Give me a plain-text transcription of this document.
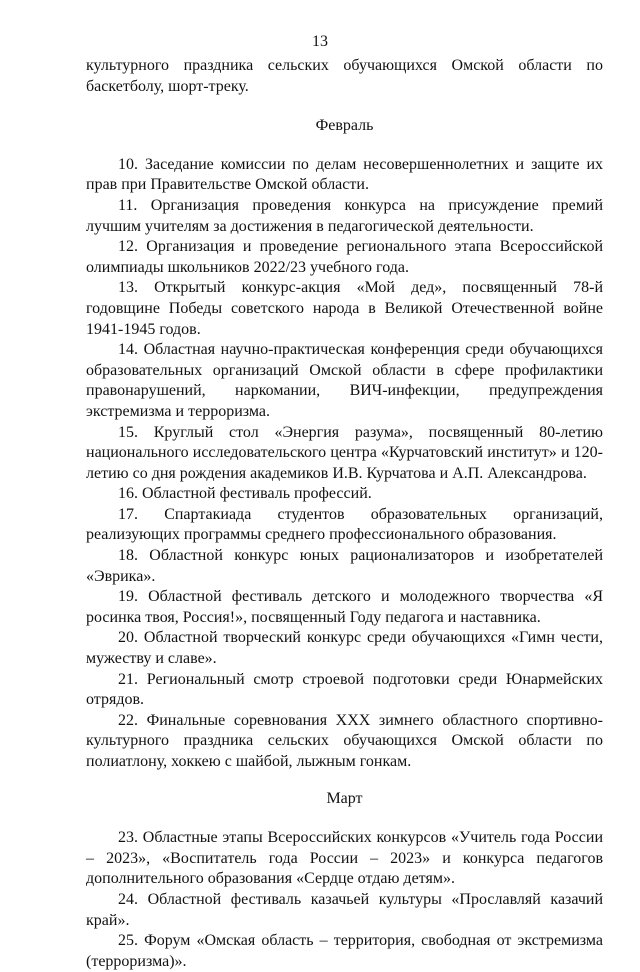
13

культурного праздника сельских обучающихся Омской области по баскетболу, шорт-треку.

Февраль

10. Заседание комиссии по делам несовершеннолетних и защите их прав при Правительстве Омской области.

11. Организация проведения конкурса на присуждение премий лучшим учителям за достижения в педагогической деятельности.

12. Организация и проведение регионального этапа Всероссийской олимпиады школьников 2022/23 учебного года.

13. Открытый конкурс-акция «Мой дед», посвященный 78-й годовщине Победы советского народа в Великой Отечественной войне 1941-1945 годов.

14. Областная научно-практическая конференция среди обучающихся образовательных организаций Омской области в сфере профилактики правонарушений, наркомании, ВИЧ-инфекции, предупреждения экстремизма и терроризма.

15. Круглый стол «Энергия разума», посвященный 80-летию национального исследовательского центра «Курчатовский институт» и 120-летию со дня рождения академиков И.В. Курчатова и А.П. Александрова.

16. Областной фестиваль профессий.

17. Спартакиада студентов образовательных организаций, реализующих программы среднего профессионального образования.

18. Областной конкурс юных рационализаторов и изобретателей «Эврика».

19. Областной фестиваль детского и молодежного творчества «Я росинка твоя, Россия!», посвященный Году педагога и наставника.

20. Областной творческий конкурс среди обучающихся «Гимн чести, мужеству и славе».

21. Региональный смотр строевой подготовки среди Юнармейских отрядов.

22. Финальные соревнования XXX зимнего областного спортивно-культурного праздника сельских обучающихся Омской области по полиатлону, хоккею с шайбой, лыжным гонкам.

Март

23. Областные этапы Всероссийских конкурсов «Учитель года России – 2023», «Воспитатель года России – 2023» и конкурса педагогов дополнительного образования «Сердце отдаю детям».

24. Областной фестиваль казачьей культуры «Прославляй казачий край».

25. Форум «Омская область – территория, свободная от экстремизма (терроризма)».
